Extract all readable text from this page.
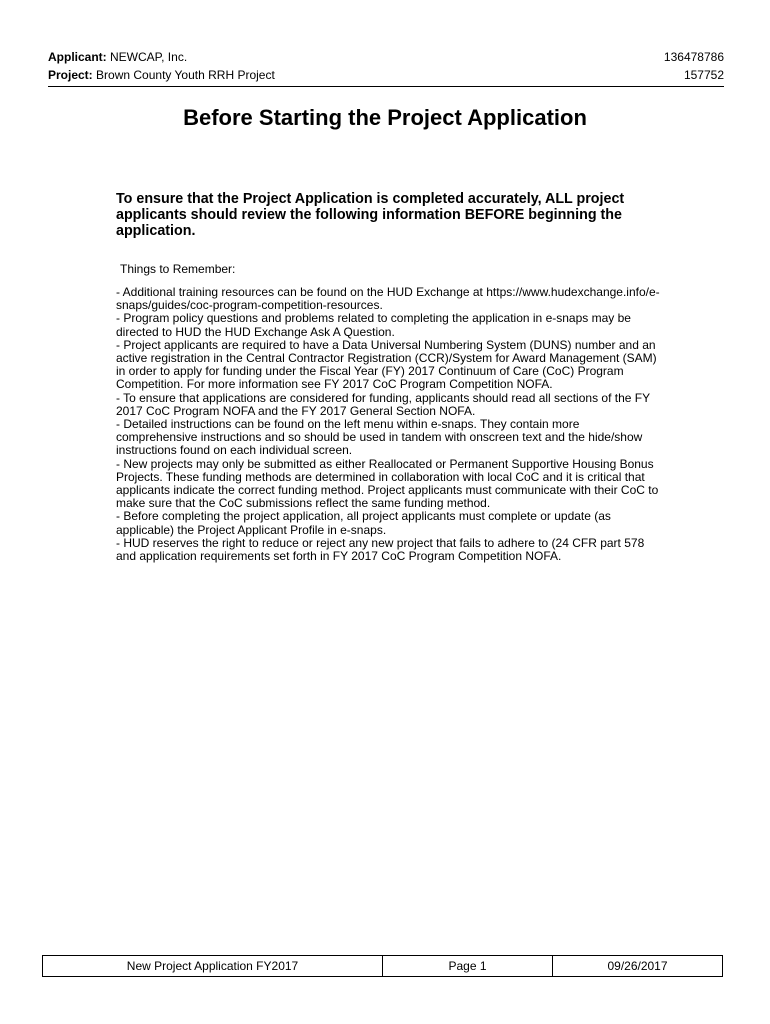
Applicant: NEWCAP, Inc.	136478786
Project: Brown County Youth RRH Project	157752
Before Starting the Project Application
To ensure that the Project Application is completed accurately, ALL project applicants should review the following information BEFORE beginning the application.
Things to Remember:
- Additional training resources can be found on the HUD Exchange at https://www.hudexchange.info/e-snaps/guides/coc-program-competition-resources.
- Program policy questions and problems related to completing the application in e-snaps may be directed to HUD the HUD Exchange Ask A Question.
- Project applicants are required to have a Data Universal Numbering System (DUNS) number and an active registration in the Central Contractor Registration (CCR)/System for Award Management (SAM) in order to apply for funding under the Fiscal Year (FY) 2017 Continuum of Care (CoC) Program Competition. For more information see FY 2017 CoC Program Competition NOFA.
- To ensure that applications are considered for funding, applicants should read all sections of the FY 2017 CoC Program NOFA and the FY 2017 General Section NOFA.
- Detailed instructions can be found on the left menu within e-snaps. They contain more comprehensive instructions and so should be used in tandem with onscreen text and the hide/show instructions found on each individual screen.
- New projects may only be submitted as either Reallocated or Permanent Supportive Housing Bonus Projects. These funding methods are determined in collaboration with local CoC and it is critical that applicants indicate the correct funding method. Project applicants must communicate with their CoC to make sure that the CoC submissions reflect the same funding method.
- Before completing the project application, all project applicants must complete or update (as applicable) the Project Applicant Profile in e-snaps.
- HUD reserves the right to reduce or reject any new project that fails to adhere to (24 CFR part 578 and application requirements set forth in FY 2017 CoC Program Competition NOFA.
New Project Application FY2017	Page 1	09/26/2017
